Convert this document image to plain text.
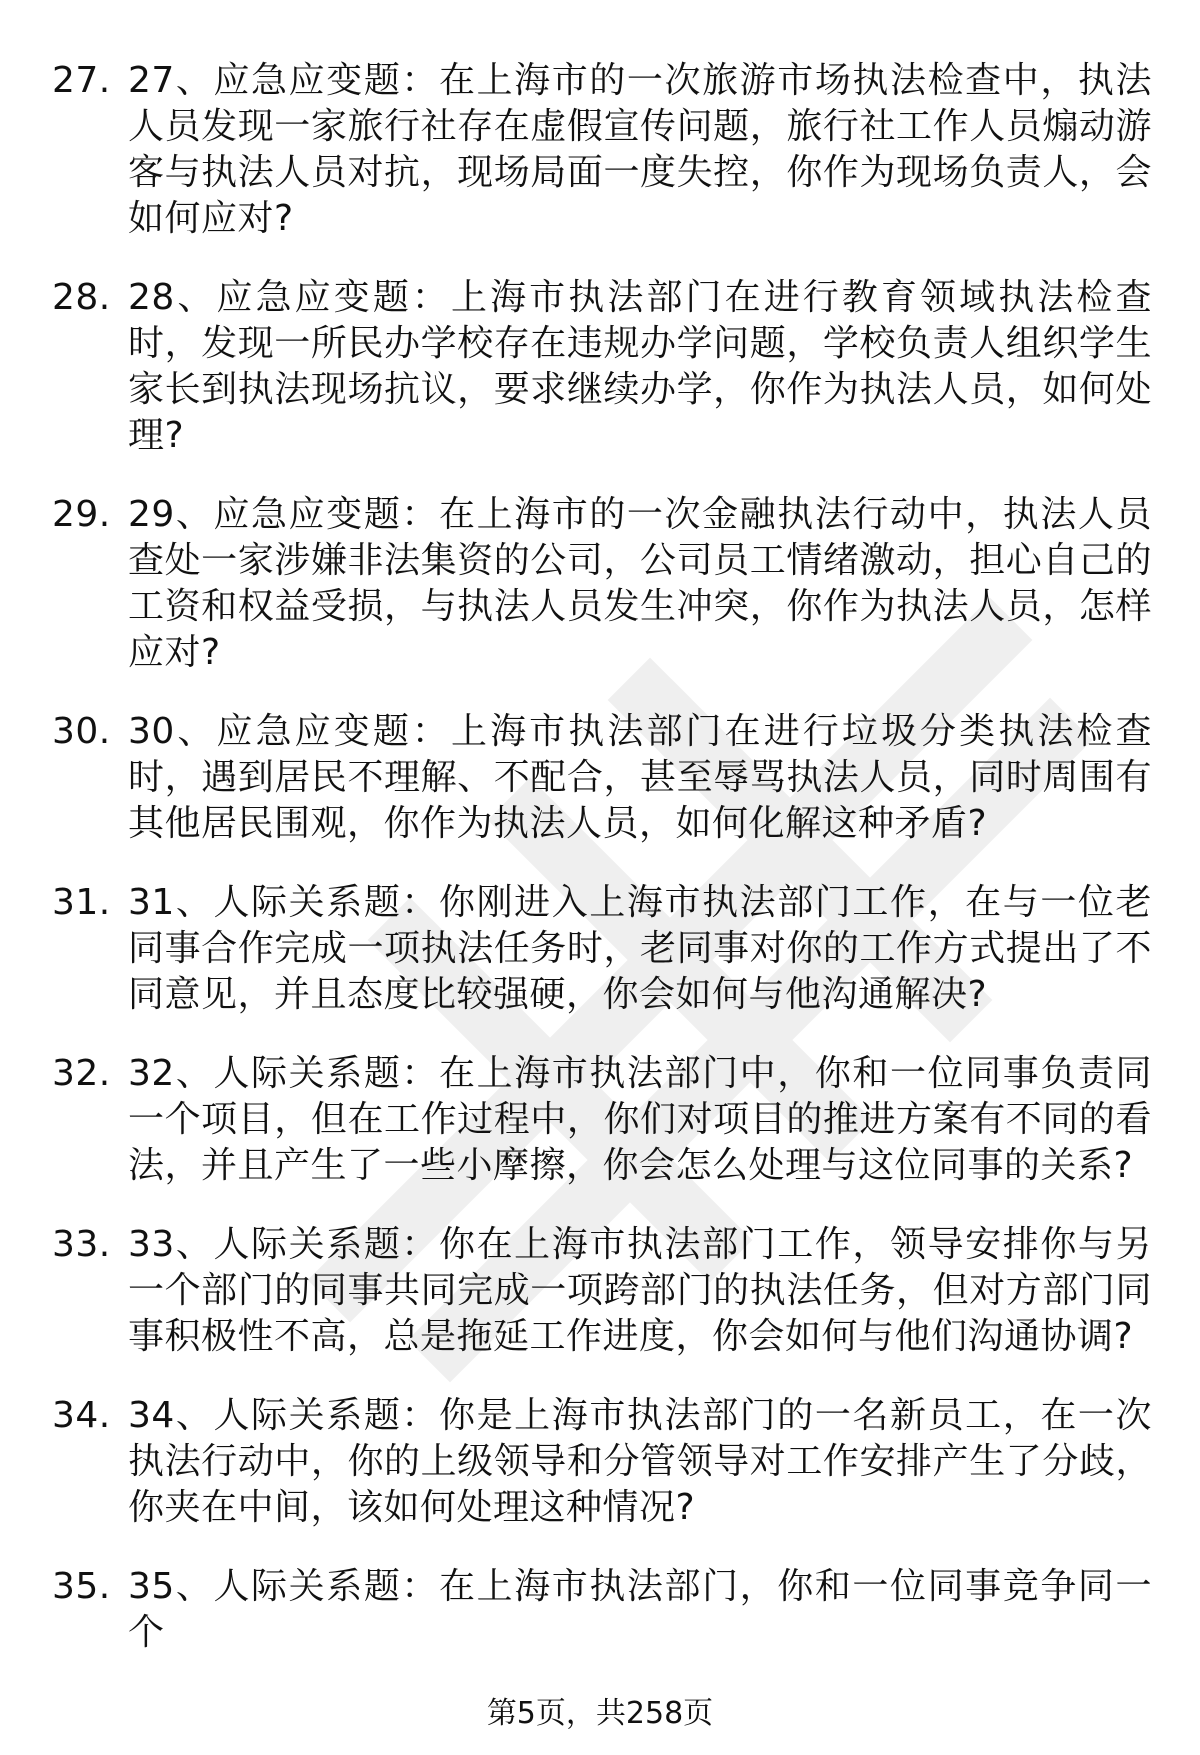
27. 27、应急应变题：在上海市的一次旅游市场执法检查中，执法人员发现一家旅行社存在虚假宣传问题，旅行社工作人员煽动游客与执法人员对抗，现场局面一度失控，你作为现场负责人，会如何应对?
28. 28、应急应变题：上海市执法部门在进行教育领域执法检查时，发现一所民办学校存在违规办学问题，学校负责人组织学生家长到执法现场抗议，要求继续办学，你作为执法人员，如何处理?
29. 29、应急应变题：在上海市的一次金融执法行动中，执法人员查处一家涉嫌非法集资的公司，公司员工情绪激动，担心自己的工资和权益受损，与执法人员发生冲突，你作为执法人员，怎样应对?
30. 30、应急应变题：上海市执法部门在进行垃圾分类执法检查时，遇到居民不理解、不配合，甚至辱骂执法人员，同时周围有其他居民围观，你作为执法人员，如何化解这种矛盾?
31. 31、人际关系题：你刚进入上海市执法部门工作，在与一位老同事合作完成一项执法任务时，老同事对你的工作方式提出了不同意见，并且态度比较强硬，你会如何与他沟通解决?
32. 32、人际关系题：在上海市执法部门中，你和一位同事负责同一个项目，但在工作过程中，你们对项目的推进方案有不同的看法，并且产生了一些小摩擦，你会怎么处理与这位同事的关系?
33. 33、人际关系题：你在上海市执法部门工作，领导安排你与另一个部门的同事共同完成一项跨部门的执法任务，但对方部门同事积极性不高，总是拖延工作进度，你会如何与他们沟通协调?
34. 34、人际关系题：你是上海市执法部门的一名新员工，在一次执法行动中，你的上级领导和分管领导对工作安排产生了分歧，你夹在中间，该如何处理这种情况?
35. 35、人际关系题：在上海市执法部门，你和一位同事竞争同一个
第5页，共258页
